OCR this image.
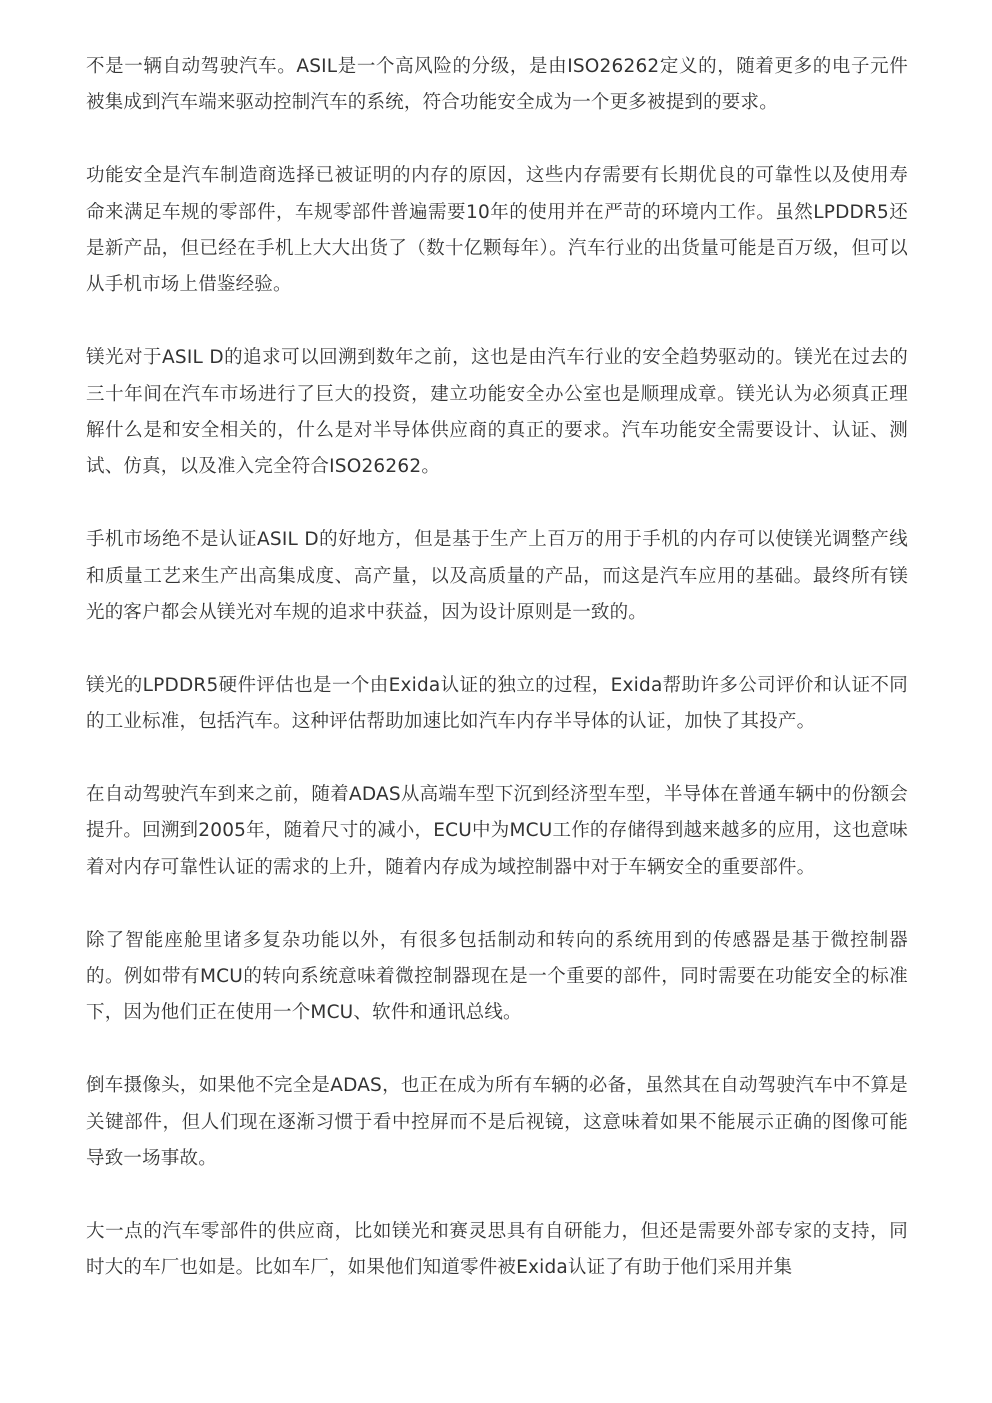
不是一辆自动驾驶汽车。ASIL是一个高风险的分级，是由ISO26262定义的，随着更多的电子元件被集成到汽车端来驱动控制汽车的系统，符合功能安全成为一个更多被提到的要求。

功能安全是汽车制造商选择已被证明的内存的原因，这些内存需要有长期优良的可靠性以及使用寿命来满足车规的零部件，车规零部件普遍需要10年的使用并在严苛的环境内工作。虽然LPDDR5还是新产品，但已经在手机上大大出货了（数十亿颗每年）。汽车行业的出货量可能是百万级，但可以从手机市场上借鉴经验。

镁光对于ASIL D的追求可以回溯到数年之前，这也是由汽车行业的安全趋势驱动的。镁光在过去的三十年间在汽车市场进行了巨大的投资，建立功能安全办公室也是顺理成章。镁光认为必须真正理解什么是和安全相关的，什么是对半导体供应商的真正的要求。汽车功能安全需要设计、认证、测试、仿真，以及准入完全符合ISO26262。

手机市场绝不是认证ASIL D的好地方，但是基于生产上百万的用于手机的内存可以使镁光调整产线和质量工艺来生产出高集成度、高产量，以及高质量的产品，而这是汽车应用的基础。最终所有镁光的客户都会从镁光对车规的追求中获益，因为设计原则是一致的。

镁光的LPDDR5硬件评估也是一个由Exida认证的独立的过程，Exida帮助许多公司评价和认证不同的工业标准，包括汽车。这种评估帮助加速比如汽车内存半导体的认证，加快了其投产。

在自动驾驶汽车到来之前，随着ADAS从高端车型下沉到经济型车型，半导体在普通车辆中的份额会提升。回溯到2005年，随着尺寸的减小，ECU中为MCU工作的存储得到越来越多的应用，这也意味着对内存可靠性认证的需求的上升，随着内存成为域控制器中对于车辆安全的重要部件。

除了智能座舱里诸多复杂功能以外，有很多包括制动和转向的系统用到的传感器是基于微控制器的。例如带有MCU的转向系统意味着微控制器现在是一个重要的部件，同时需要在功能安全的标准下，因为他们正在使用一个MCU、软件和通讯总线。

倒车摄像头，如果他不完全是ADAS，也正在成为所有车辆的必备，虽然其在自动驾驶汽车中不算是关键部件，但人们现在逐渐习惯于看中控屏而不是后视镜，这意味着如果不能展示正确的图像可能导致一场事故。

大一点的汽车零部件的供应商，比如镁光和赛灵思具有自研能力，但还是需要外部专家的支持，同时大的车厂也如是。比如车厂，如果他们知道零件被Exida认证了有助于他们采用并集
